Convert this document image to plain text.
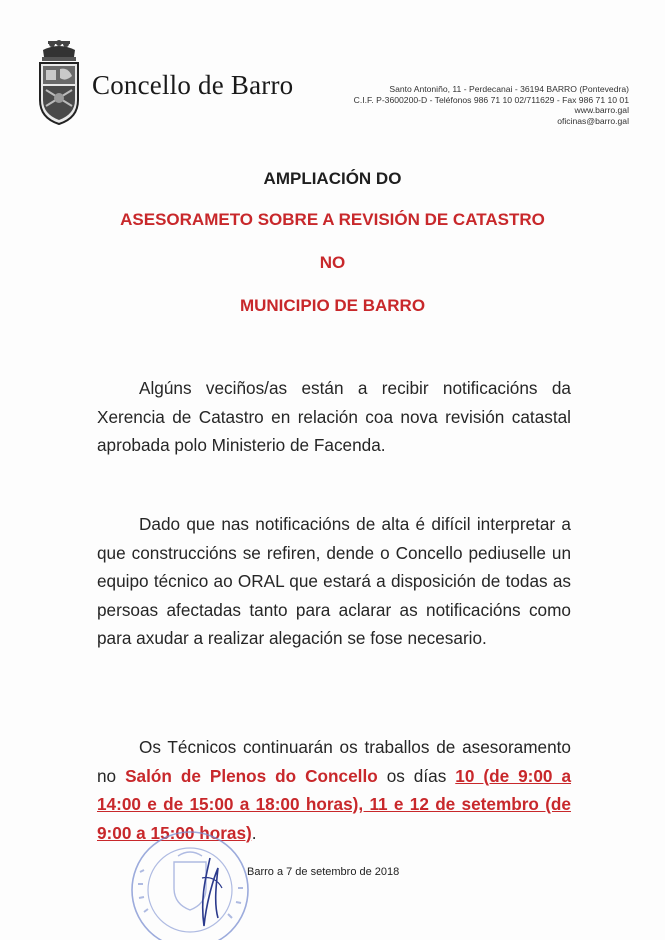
Concello de Barro	Santo Antoniño, 11 - Perdecanai - 36194 BARRO (Pontevedra)
C.I.F. P-3600200-D - Teléfonos 986 71 10 02/711629 - Fax 986 71 10 01
www.barro.gal
oficinas@barro.gal
AMPLIACIÓN DO
ASESORAMETO SOBRE A REVISIÓN DE CATASTRO
NO
MUNICIPIO DE BARRO
Algúns veciños/as están a recibir notificacións da Xerencia de Catastro en relación coa nova revisión catastal aprobada polo Ministerio de Facenda.
Dado que nas notificacións de alta é difícil interpretar a que construccións se refiren, dende o Concello pediuselle un equipo técnico ao ORAL que estará a disposición de todas as persoas afectadas tanto para aclarar as notificacións como para axudar a realizar alegación se fose necesario.
Os Técnicos continuarán os traballos de asesoramento no Salón de Plenos do Concello os días 10 (de 9:00 a 14:00 e de 15:00 a 18:00 horas), 11 e 12 de setembro (de 9:00 a 15:00 horas).
Barro a 7 de setembro de 2018
